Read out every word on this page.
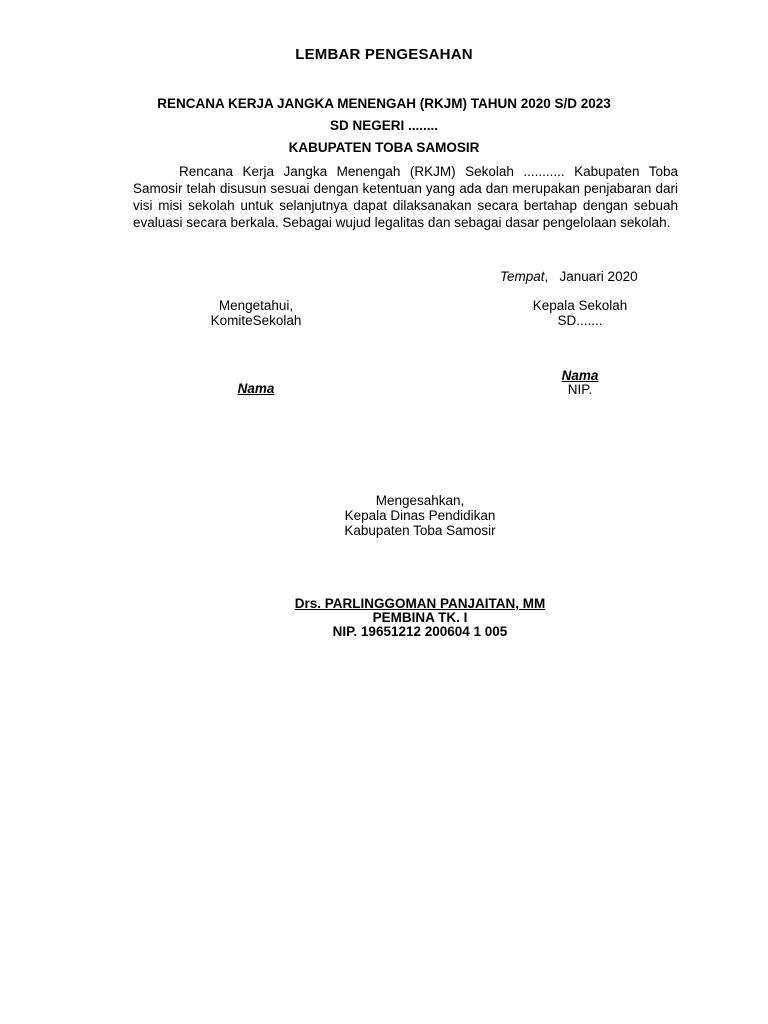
LEMBAR PENGESAHAN
RENCANA KERJA JANGKA MENENGAH (RKJM) TAHUN 2020 S/D 2023
SD NEGERI ........
KABUPATEN TOBA SAMOSIR
Rencana Kerja Jangka Menengah (RKJM) Sekolah ........... Kabupaten Toba Samosir telah disusun sesuai dengan ketentuan yang ada dan merupakan penjabaran dari visi misi sekolah untuk selanjutnya dapat dilaksanakan secara bertahap dengan sebuah evaluasi secara berkala. Sebagai wujud legalitas dan sebagai dasar pengelolaan sekolah.
Tempat,   Januari 2020
Mengetahui,
KomiteSekolah
Kepala Sekolah
SD.......
Nama
Nama
NIP.
Mengesahkan,
Kepala Dinas Pendidikan
Kabupaten Toba Samosir
Drs. PARLINGGOMAN PANJAITAN, MM
PEMBINA TK. I
NIP. 19651212 200604 1 005
